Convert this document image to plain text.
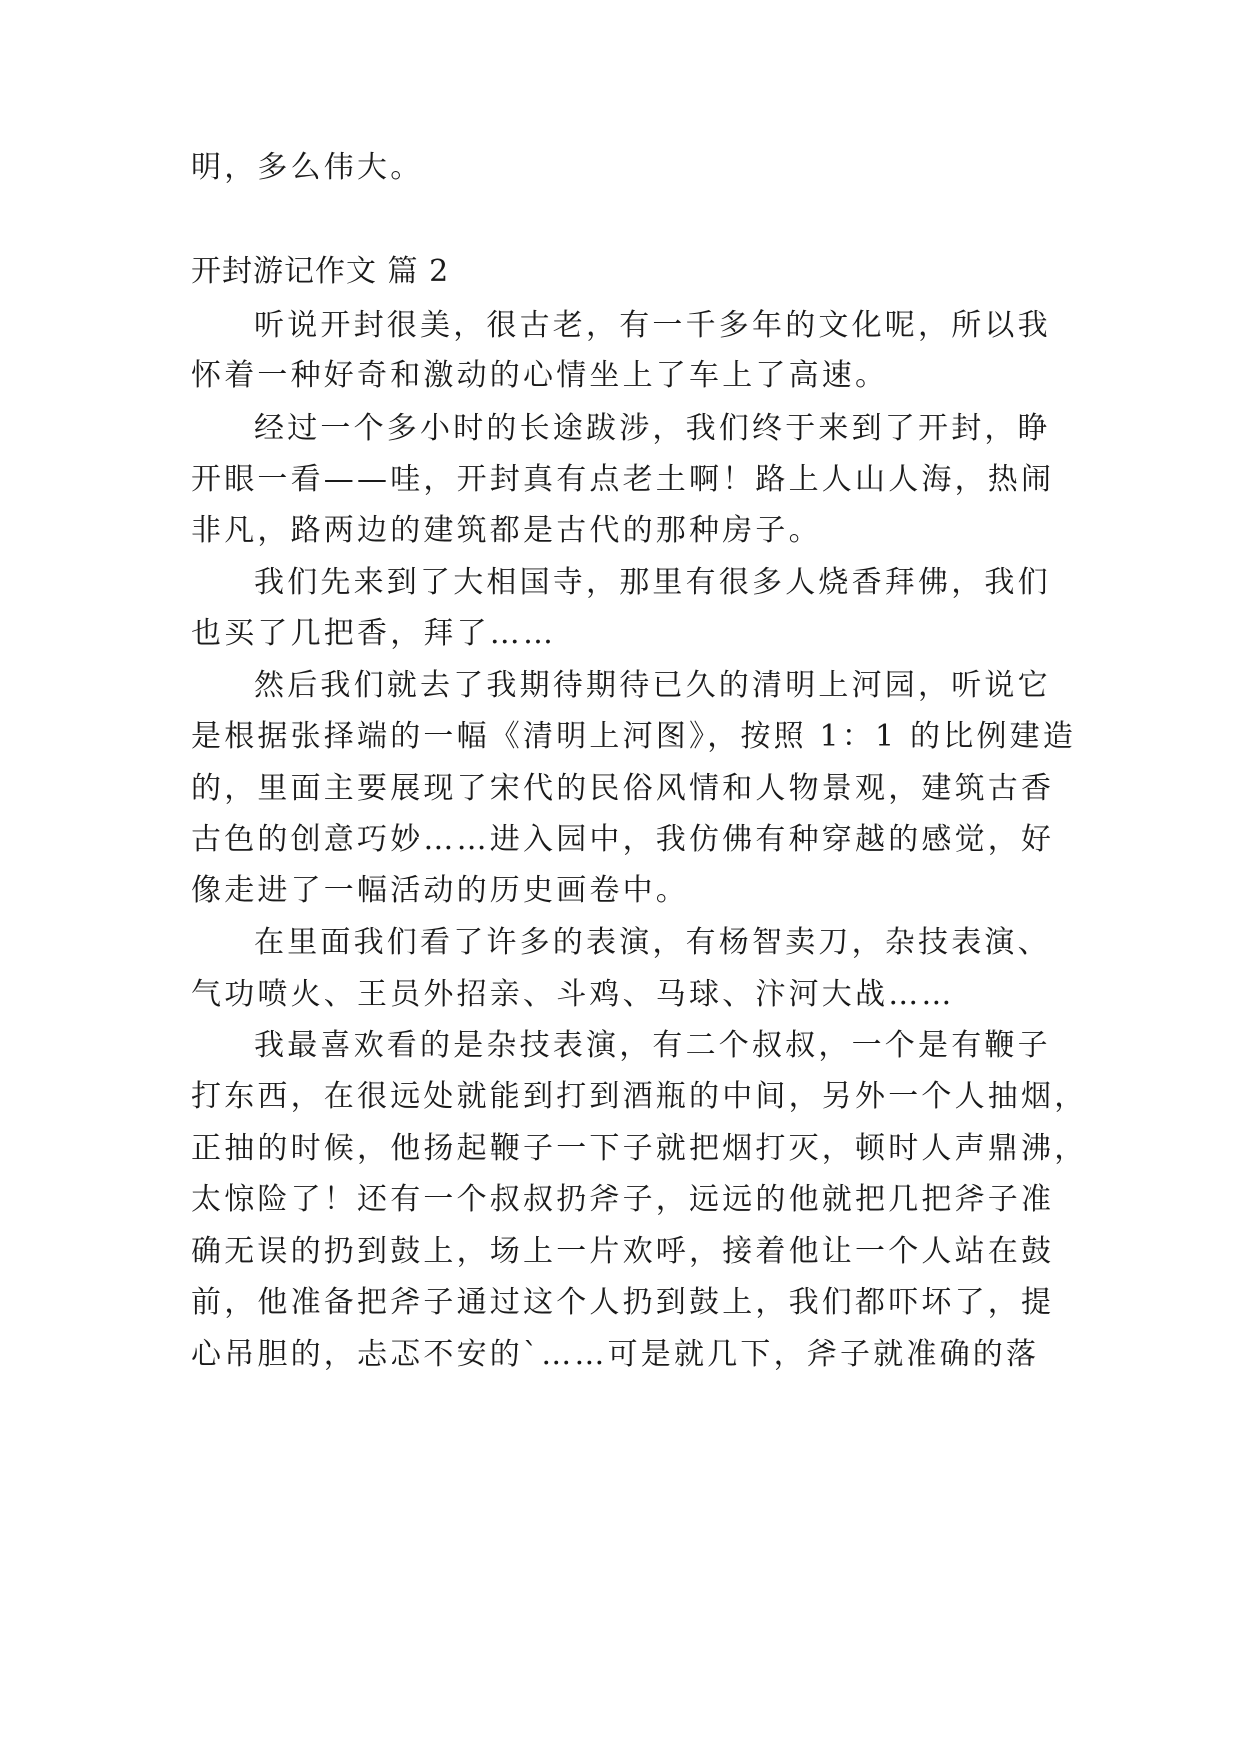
明，多么伟大。
开封游记作文 篇 2
听说开封很美，很古老，有一千多年的文化呢，所以我
怀着一种好奇和激动的心情坐上了车上了高速。
经过一个多小时的长途跋涉，我们终于来到了开封，睁
开眼一看——哇，开封真有点老土啊！路上人山人海，热闹
非凡，路两边的建筑都是古代的那种房子。
我们先来到了大相国寺，那里有很多人烧香拜佛，我们
也买了几把香，拜了……
然后我们就去了我期待期待已久的清明上河园，听说它
是根据张择端的一幅《清明上河图》，按照 1：1 的比例建造
的，里面主要展现了宋代的民俗风情和人物景观，建筑古香
古色的创意巧妙……进入园中，我仿佛有种穿越的感觉，好
像走进了一幅活动的历史画卷中。
在里面我们看了许多的表演，有杨智卖刀，杂技表演、
气功喷火、王员外招亲、斗鸡、马球、汴河大战……
我最喜欢看的是杂技表演，有二个叔叔，一个是有鞭子
打东西，在很远处就能到打到酒瓶的中间，另外一个人抽烟，
正抽的时候，他扬起鞭子一下子就把烟打灭，顿时人声鼎沸，
太惊险了！还有一个叔叔扔斧子，远远的他就把几把斧子准
确无误的扔到鼓上，场上一片欢呼，接着他让一个人站在鼓
前，他准备把斧子通过这个人扔到鼓上，我们都吓坏了，提
心吊胆的，忐忑不安的`……可是就几下，斧子就准确的落
